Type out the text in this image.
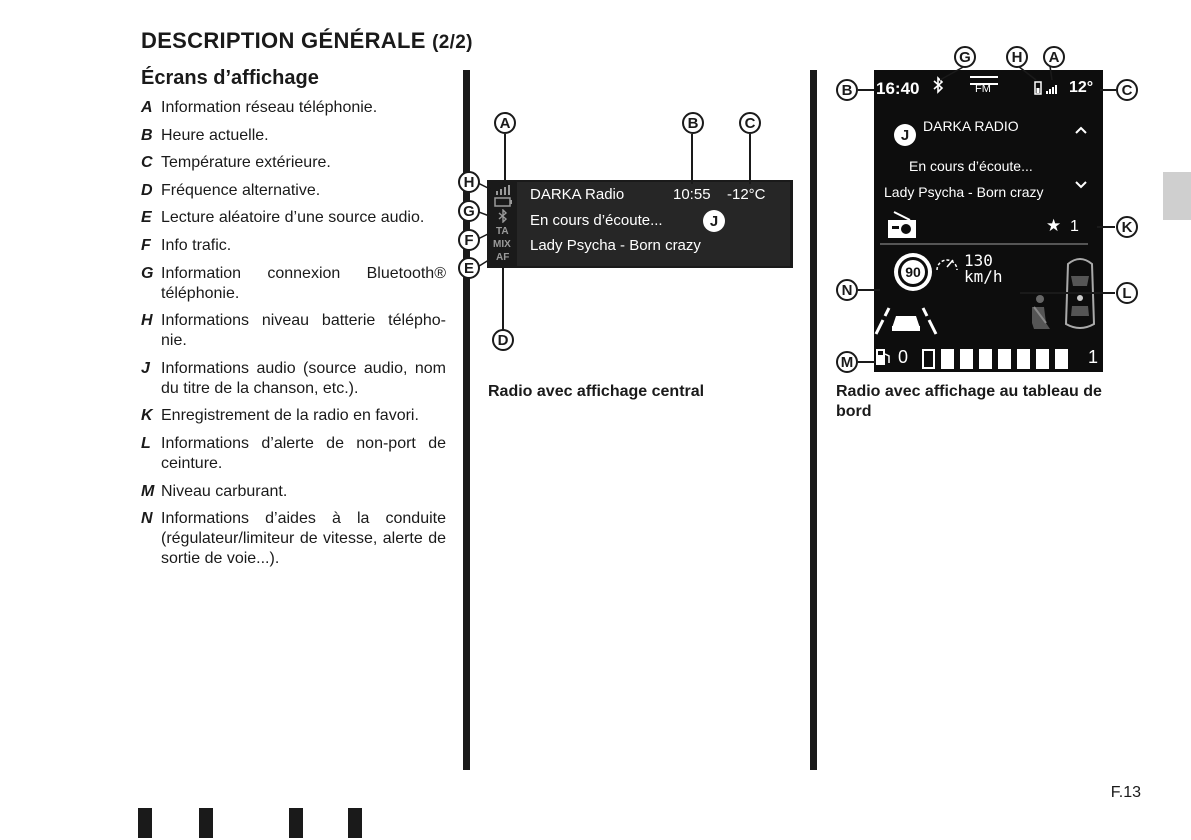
DESCRIPTION GÉNÉRALE (2/2)
Écrans d’affichage
A Information réseau téléphonie.
B Heure actuelle.
C Température extérieure.
D Fréquence alternative.
E Lecture aléatoire d’une source audio.
F Info trafic.
G Information connexion Bluetooth® téléphonie.
H Informations niveau batterie télépho-nie.
J Informations audio (source audio, nom du titre de la chanson, etc.).
K Enregistrement de la radio en favori.
L Informations d’alerte de non-port de ceinture.
M Niveau carburant.
N Informations d’aides à la conduite (régulateur/limiteur de vitesse, alerte de sortie de voie...).
TA
MIX
AF
DARKA Radio	10:55 -12°C
En cours d’écoute...	J
Lady Psycha - Born crazy
A	B	C
H
G
F
E
D
Radio avec affichage central
16:40	FM	12°
J
DARKA RADIO
En cours d’écoute...
Lady Psycha - Born crazy
★ 1
90
130
km/h
0	1
G	H	A
B	C
K
N	L
M
Radio avec affichage au tableau de bord
F.13
